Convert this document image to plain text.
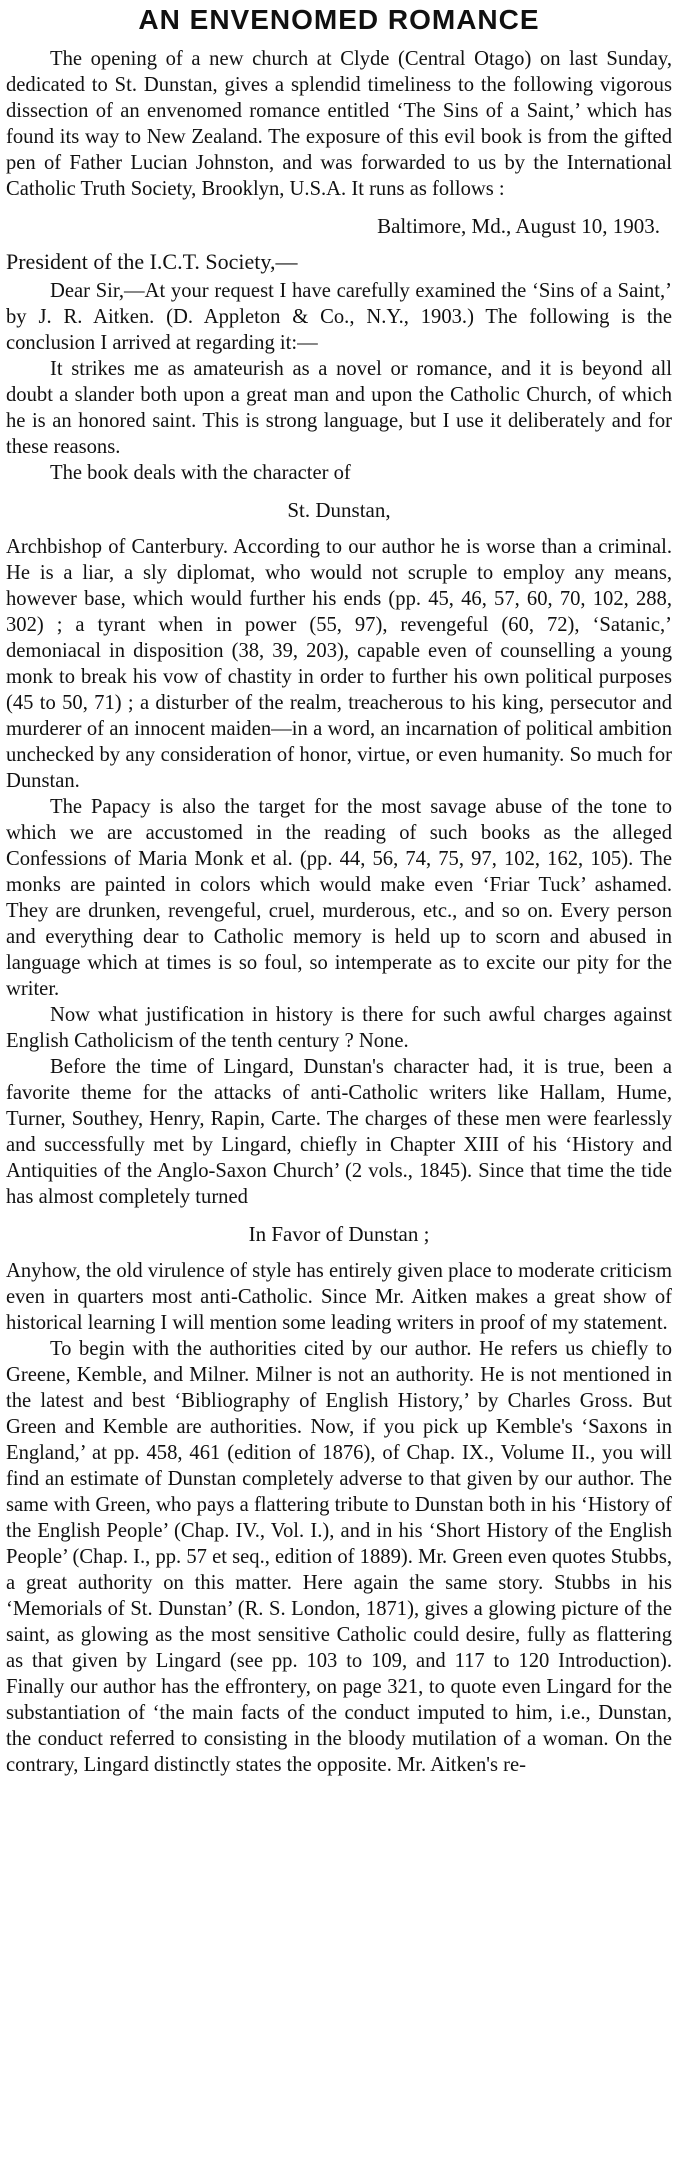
AN ENVENOMED ROMANCE

The opening of a new church at Clyde (Central Otago) on last Sunday, dedicated to St. Dunstan, gives a splendid timeliness to the following vigorous dissection of an envenomed romance entitled ‘The Sins of a Saint,’ which has found its way to New Zealand. The exposure of this evil book is from the gifted pen of Father Lucian Johnston, and was forwarded to us by the International Catholic Truth Society, Brooklyn, U.S.A. It runs as follows :

Baltimore, Md., August 10, 1903.
President of the I.C.T. Society,—

Dear Sir,—At your request I have carefully examined the ‘Sins of a Saint,’ by J. R. Aitken. (D. Appleton & Co., N.Y., 1903.) The following is the conclusion I arrived at regarding it:—

It strikes me as amateurish as a novel or romance, and it is beyond all doubt a slander both upon a great man and upon the Catholic Church, of which he is an honored saint. This is strong language, but I use it deliberately and for these reasons.

The book deals with the character of

St. Dunstan,

Archbishop of Canterbury. According to our author he is worse than a criminal. He is a liar, a sly diplomat, who would not scruple to employ any means, however base, which would further his ends (pp. 45, 46, 57, 60, 70, 102, 288, 302) ; a tyrant when in power (55, 97), revengeful (60, 72), ‘Satanic,’ demoniacal in disposition (38, 39, 203), capable even of counselling a young monk to break his vow of chastity in order to further his own political purposes (45 to 50, 71) ; a disturber of the realm, treacherous to his king, persecutor and murderer of an innocent maiden—in a word, an incarnation of political ambition unchecked by any consideration of honor, virtue, or even humanity. So much for Dunstan.

The Papacy is also the target for the most savage abuse of the tone to which we are accustomed in the reading of such books as the alleged Confessions of Maria Monk et al. (pp. 44, 56, 74, 75, 97, 102, 162, 105). The monks are painted in colors which would make even ‘Friar Tuck’ ashamed. They are drunken, revengeful, cruel, murderous, etc., and so on. Every person and everything dear to Catholic memory is held up to scorn and abused in language which at times is so foul, so intemperate as to excite our pity for the writer.

Now what justification in history is there for such awful charges against English Catholicism of the tenth century ? None.

Before the time of Lingard, Dunstan's character had, it is true, been a favorite theme for the attacks of anti-Catholic writers like Hallam, Hume, Turner, Southey, Henry, Rapin, Carte. The charges of these men were fearlessly and successfully met by Lingard, chiefly in Chapter XIII of his ‘History and Antiquities of the Anglo-Saxon Church’ (2 vols., 1845). Since that time the tide has almost completely turned

In Favor of Dunstan ;

Anyhow, the old virulence of style has entirely given place to moderate criticism even in quarters most anti-Catholic. Since Mr. Aitken makes a great show of historical learning I will mention some leading writers in proof of my statement.

To begin with the authorities cited by our author. He refers us chiefly to Greene, Kemble, and Milner. Milner is not an authority. He is not mentioned in the latest and best ‘Bibliography of English History,’ by Charles Gross. But Green and Kemble are authorities. Now, if you pick up Kemble's ‘Saxons in England,’ at pp. 458, 461 (edition of 1876), of Chap. IX., Volume II., you will find an estimate of Dunstan completely adverse to that given by our author. The same with Green, who pays a flattering tribute to Dunstan both in his ‘History of the English People’ (Chap. IV., Vol. I.), and in his ‘Short History of the English People’ (Chap. I., pp. 57 et seq., edition of 1889). Mr. Green even quotes Stubbs, a great authority on this matter. Here again the same story. Stubbs in his ‘Memorials of St. Dunstan’ (R. S. London, 1871), gives a glowing picture of the saint, as glowing as the most sensitive Catholic could desire, fully as flattering as that given by Lingard (see pp. 103 to 109, and 117 to 120 Introduction). Finally our author has the effrontery, on page 321, to quote even Lingard for the substantiation of ‘the main facts of the conduct imputed to him, i.e., Dunstan, the conduct referred to consisting in the bloody mutilation of a woman. On the contrary, Lingard distinctly states the opposite. Mr. Aitken's re-
